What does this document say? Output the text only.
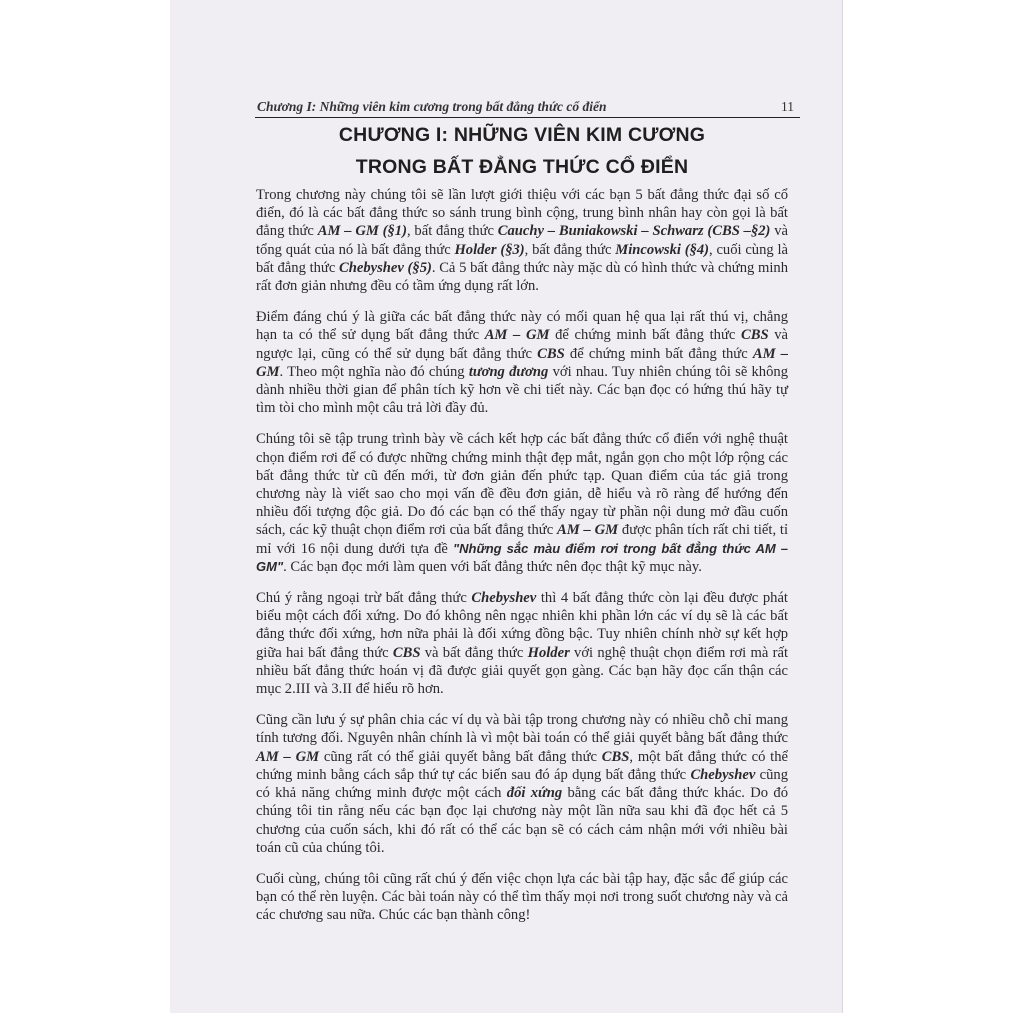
Chương I: Những viên kim cương trong bất đẳng thức cổ điển	11
CHƯƠNG I: NHỮNG VIÊN KIM CƯƠNG
TRONG BẤT ĐẲNG THỨC CỔ ĐIỂN

Trong chương này chúng tôi sẽ lần lượt giới thiệu với các bạn 5 bất đẳng thức đại số cổ điển, đó là các bất đẳng thức so sánh trung bình cộng, trung bình nhân hay còn gọi là bất đẳng thức AM – GM (§1), bất đẳng thức Cauchy – Buniakowski – Schwarz (CBS –§2) và tổng quát của nó là bất đẳng thức Holder (§3), bất đẳng thức Mincowski (§4), cuối cùng là bất đẳng thức Chebyshev (§5). Cả 5 bất đẳng thức này mặc dù có hình thức và chứng minh rất đơn giản nhưng đều có tầm ứng dụng rất lớn.

Điểm đáng chú ý là giữa các bất đẳng thức này có mối quan hệ qua lại rất thú vị, chẳng hạn ta có thể sử dụng bất đẳng thức AM – GM để chứng minh bất đẳng thức CBS và ngược lại, cũng có thể sử dụng bất đẳng thức CBS để chứng minh bất đẳng thức AM – GM. Theo một nghĩa nào đó chúng tương đương với nhau. Tuy nhiên chúng tôi sẽ không dành nhiều thời gian để phân tích kỹ hơn về chi tiết này. Các bạn đọc có hứng thú hãy tự tìm tòi cho mình một câu trả lời đầy đủ.

Chúng tôi sẽ tập trung trình bày về cách kết hợp các bất đẳng thức cổ điển với nghệ thuật chọn điểm rơi để có được những chứng minh thật đẹp mắt, ngắn gọn cho một lớp rộng các bất đẳng thức từ cũ đến mới, từ đơn giản đến phức tạp. Quan điểm của tác giả trong chương này là viết sao cho mọi vấn đề đều đơn giản, dễ hiểu và rõ ràng để hướng đến nhiều đối tượng độc giả. Do đó các bạn có thể thấy ngay từ phần nội dung mở đầu cuốn sách, các kỹ thuật chọn điểm rơi của bất đẳng thức AM – GM được phân tích rất chi tiết, tỉ mỉ với 16 nội dung dưới tựa đề "Những sắc màu điểm rơi trong bất đẳng thức AM – GM". Các bạn đọc mới làm quen với bất đẳng thức nên đọc thật kỹ mục này.

Chú ý rằng ngoại trừ bất đẳng thức Chebyshev thì 4 bất đẳng thức còn lại đều được phát biểu một cách đối xứng. Do đó không nên ngạc nhiên khi phần lớn các ví dụ sẽ là các bất đẳng thức đối xứng, hơn nữa phải là đối xứng đồng bậc. Tuy nhiên chính nhờ sự kết hợp giữa hai bất đẳng thức CBS và bất đẳng thức Holder với nghệ thuật chọn điểm rơi mà rất nhiều bất đẳng thức hoán vị đã được giải quyết gọn gàng. Các bạn hãy đọc cẩn thận các mục 2.III và 3.II để hiểu rõ hơn.

Cũng cần lưu ý sự phân chia các ví dụ và bài tập trong chương này có nhiều chỗ chỉ mang tính tương đối. Nguyên nhân chính là vì một bài toán có thể giải quyết bằng bất đẳng thức AM – GM cũng rất có thể giải quyết bằng bất đẳng thức CBS, một bất đẳng thức có thể chứng minh bằng cách sắp thứ tự các biến sau đó áp dụng bất đẳng thức Chebyshev cũng có khả năng chứng minh được một cách đối xứng bằng các bất đẳng thức khác. Do đó chúng tôi tin rằng nếu các bạn đọc lại chương này một lần nữa sau khi đã đọc hết cả 5 chương của cuốn sách, khi đó rất có thể các bạn sẽ có cách cảm nhận mới với nhiều bài toán cũ của chúng tôi.

Cuối cùng, chúng tôi cũng rất chú ý đến việc chọn lựa các bài tập hay, đặc sắc để giúp các bạn có thể rèn luyện. Các bài toán này có thể tìm thấy mọi nơi trong suốt chương này và cả các chương sau nữa. Chúc các bạn thành công!
